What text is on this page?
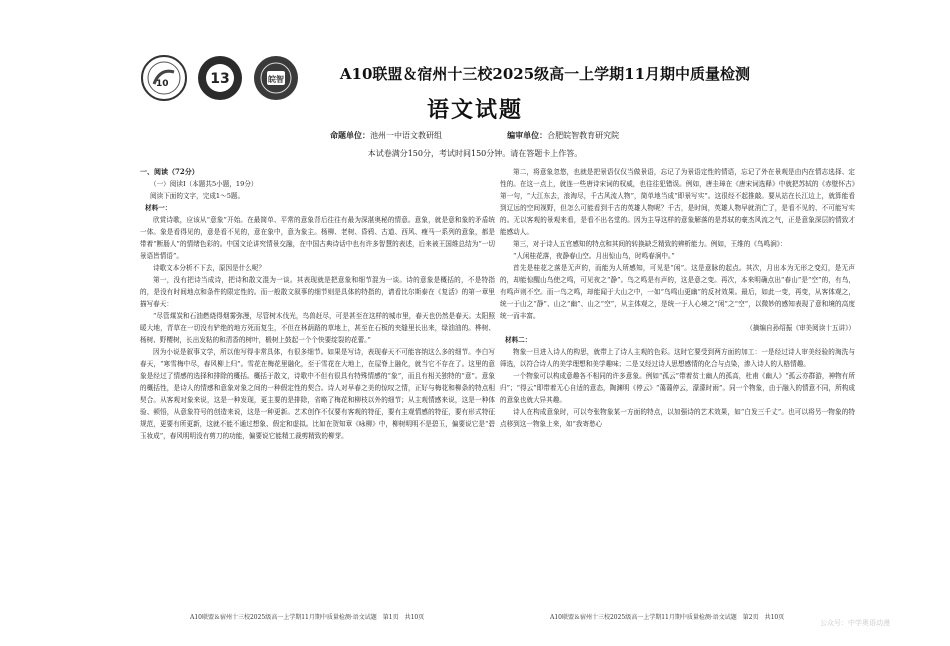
10	13	皖智	A10联盟＆宿州十三校2025级高一上学期11月期中质量检测
语文试题
命题单位：池州一中语文教研组	编审单位：合肥皖智教育研究院
本试卷满分150分，考试时间150分钟。请在答题卡上作答。

一、阅读（72分）

（一）阅读Ⅰ（本题共5小题，19分）

阅读下面的文字，完成1～5题。

材料一：

欣赏诗歌，应该从“意象”开始。在最简单、平常的意象背后往往有最为深湛奥秘的情意。意象，就是意和象的矛盾统一体。象是看得见的，意是看不见的，意在象中，意为象主。杨柳、老树、昏鸦、古道、西风、瘦马一系列的意象，都是带着“断肠人”的情绪色彩的。中国文论讲究情景交融，在中国古典诗话中也有许多智慧的表述，后来被王国维总结为“一切景语皆情语”。

诗歌文本分析不下去，原因是什么呢？

第一，没有把诗当成诗，把诗和散文混为一谈。其表现就是把意象和细节混为一谈。诗的意象是概括的，不是特指的，是没有时间地点和条件的限定性的。而一般散文叙事的细节则是具体的特指的，请看比尔斯泰在《复活》的第一章里描写春天：

“尽管煤炭和石油燃烧得烟雾弥漫，尽管树木伐光，鸟兽赶尽，可是甚至在这样的城市里，春天也仍然是春天。太阳照暖大地，青草在一切没有铲绝的地方死而复生，不但在林荫路的草地上，甚至在石板的夹缝里长出来，绿油油的。桦树、杨树、野樱树，长出发粘的和清香的树叶，椴树上鼓起一个个快要绽裂的花蕾。”

因为小说是叙事文学，所以他写得非常具体，有很多细节。如果是写诗，表现春天不可能容纳这么多的细节。李白写春天，“寒雪梅中尽，春风柳上归”。雪花在梅花里融化，至于雪花在大地上，在屋脊上融化，就当它不存在了。这里的意象是经过了情感的选择和排除的概括。概括于散文，诗歌中不但有很具有特殊情感的“象”，而且有相关独特的“意”。意象的概括性，是诗人的情感和意象对象之间的一种假定性的契合。诗人对早春之美的惊叹之情，正好与梅花和柳条的特点相契合。从客观对象来说，这是一种发现，更主要的是排除，省略了梅花和柳枝以外的细节；从主观情感来说，这是一种体验、顿悟，从意象符号的创造来说，这是一种更新。艺术创作不仅要有客观的特征，要有主观情感的特征，要有形式特征规范，更要有所更新，这就不能不通过想象、假定和虚拟。比如在贺知章《咏柳》中，柳树明明不是碧玉，偏要说它是“碧玉妆成”，春风明明没有剪刀的功能，偏要说它能精工裁剪精致的柳芽。

第二，将意象忽悠，也就是把景语仅仅当做景语，忘记了为景语定性的情语，忘记了外在景观是由内在情志选择、定性的。在这一点上，就连一些唐诗宋词的权威，也往往犯错误。例如，唐圭璋在《唐宋词选释》中就把苏轼的《赤壁怀古》第一句，“大江东去，浪淘尽，千古风流人物”，简单地当成“即景写实”。这很经不起推敲。要从站在长江边上，就算能看到辽远的空间视野，但怎么可能看到千古的英雄人物呢？千古，是时间，英雄人物早就消亡了，是看不见的、不可能写实的。无以客观的景观来看，是看不出名堂的。因为主导这样的意象解落的是苏轼的豪杰风流之气，正是意象深层的情致才能感动人。

第三，对于诗人五官感知的特点和其间的转换缺乏精致的辨析能力。例如，王维的《鸟鸣涧》：

“人闲桂花落，夜静春山空。月出惊山鸟，时鸣春涧中。”

首先是桂花之落是无声的，而能为人所感知，可见是“闲”。这是意脉的起点。其次，月出本为无形之变幻，是无声的，却能惊醒山鸟使之鸣，可见夜之“静”。鸟之鸣是有声的，这是意之变。再次，本来明确点出“春山”是“空”的，有鸟，有鸣声则不空。而一鸟之鸣，却能闻于大山之中，一如“鸟鸣山更幽”的反衬效果。最后，如此一变，再变，从客体观之，统一于山之“静”、山之“幽”、山之“空”，从主体观之，是统一于人心境之“闲”之“空”，以微妙的感知表现了意和境的高度统一而丰富。

（摘编自孙绍振《审美阅读十五讲》）

材料二：

物象一旦进入诗人的构思，就带上了诗人主观的色彩。这时它要受到两方面的加工：一是经过诗人审美经验的淘洗与筛选，以符合诗人的美学理想和美学趣味；二是又经过诗人思想感情的化合与点染，渗入诗人的人格情趣。

一个物象可以构成意趣各不相同的许多意象。例如“孤云”带着贫士幽人的孤高，杜甫《幽人》“孤云亦群游，神物有所归”；“得云”即带着无心自适的意态，陶渊明《停云》“蔼蔼停云，濛濛时雨”。同一个物象，由于融入的情意不同，所构成的意象也就大异其趣。

诗人在构成意象时，可以夸张物象某一方面的特点，以加强诗的艺术效果，如“白发三千丈”。也可以将另一物象的特点移到这一物象上来，如“我寄愁心

A10联盟＆宿州十三校2025级高一上学期11月期中质量检测·语文试题　第1页　共10页	A10联盟＆宿州十三校2025级高一上学期11月期中质量检测·语文试题　第2页　共10页
公众号：中学奥语动漫
